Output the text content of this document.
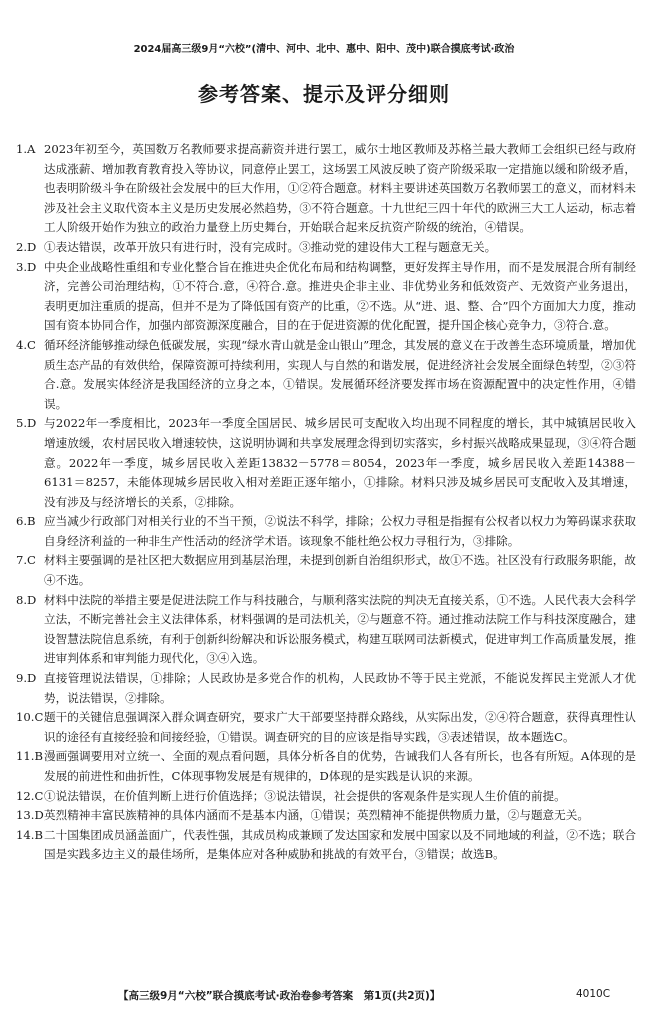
2024届高三级9月“六校”(清中、河中、北中、惠中、阳中、茂中)联合摸底考试·政治
参考答案、提示及评分细则
1.A 2023年初至今，英国数万名教师要求提高薪资并进行罢工，威尔士地区教师及苏格兰最大教师工会组织已经与政府达成涨薪、增加教育教育投入等协议，同意停止罢工，这场罢工风波反映了资产阶级采取一定措施以缓和阶级矛盾，也表明阶级斗争在阶级社会发展中的巨大作用，①②符合题意。材料主要讲述英国数万名教师罢工的意义，而材料未涉及社会主义取代资本主义是历史发展必然趋势，③不符合题意。十九世纪三四十年代的欧洲三大工人运动，标志着工人阶级开始作为独立的政治力量登上历史舞台，开始联合起来反抗资产阶级的统治，④错误。
2.D ①表达错误，改革开放只有进行时，没有完成时。③推动党的建设伟大工程与题意无关。
3.D 中央企业战略性重组和专业化整合旨在推进央企优化布局和结构调整，更好发挥主导作用，而不是发展混合所有制经济，完善公司治理结构，①不符合.意，④符合.意。推进央企非主业、非优势业务和低效资产、无效资产业务退出，表明更加注重质的提高，但并不是为了降低国有资产的比重，②不选。从“进、退、整、合”四个方面加大力度，推动国有资本协同合作，加强内部资源深度融合，目的在于促进资源的优化配置，提升国企核心竞争力，③符合.意。
4.C 循环经济能够推动绿色低碳发展，实现“绿水青山就是金山银山”理念，其发展的意义在于改善生态环境质量，增加优质生态产品的有效供给，保障资源可持续利用，实现人与自然的和谐发展，促进经济社会发展全面绿色转型，②③符合.意。发展实体经济是我国经济的立身之本，①错误。发展循环经济要发挥市场在资源配置中的决定性作用，④错误。
5.D 与2022年一季度相比，2023年一季度全国居民、城乡居民可支配收入均出现不同程度的增长，其中城镇居民收入增速放缓，农村居民收入增速较快，这说明协调和共享发展理念得到切实落实，乡村振兴战略成果显现，③④符合题意。2022年一季度，城乡居民收入差距13832－5778＝8054，2023年一季度，城乡居民收入差距14388－6131＝8257，未能体现城乡居民收入相对差距正逐年缩小，①排除。材料只涉及城乡居民可支配收入及其增速，没有涉及与经济增长的关系，②排除。
6.B 应当减少行政部门对相关行业的不当干预，②说法不科学，排除；公权力寻租是指握有公权者以权力为筹码谋求获取自身经济利益的一种非生产性活动的经济学术语。该现象不能杜绝公权力寻租行为，③排除。
7.C 材料主要强调的是社区把大数据应用到基层治理，未提到创新自治组织形式，故①不选。社区没有行政服务职能，故④不选。
8.D 材料中法院的举措主要是促进法院工作与科技融合，与顺利落实法院的判决无直接关系，①不选。人民代表大会科学立法，不断完善社会主义法律体系，材料强调的是司法机关，②与题意不符。通过推动法院工作与科技深度融合，建设智慧法院信息系统，有利于创新纠纷解决和诉讼服务模式，构建互联网司法新模式，促进审判工作高质量发展，推进审判体系和审判能力现代化，③④入选。
9.D 直接管理说法错误，①排除；人民政协是多党合作的机构，人民政协不等于民主党派，不能说发挥民主党派人才优势，说法错误，②排除。
10.C 题干的关键信息强调深入群众调查研究，要求广大干部要坚持群众路线，从实际出发，②④符合题意，获得真理性认识的途径有直接经验和间接经验，①错误。调查研究的目的应该是指导实践，③表述错误，故本题选C。
11.B 漫画强调要用对立统一、全面的观点看问题，具体分析各自的优势，告诫我们人各有所长，也各有所短。A体现的是发展的前进性和曲折性，C体现事物发展是有规律的，D体现的是实践是认识的来源。
12.C ①说法错误，在价值判断上进行价值选择；③说法错误，社会提供的客观条件是实现人生价值的前提。
13.D 英烈精神丰富民族精神的具体内涵而不是基本内涵，①错误；英烈精神不能提供物质力量，②与题意无关。
14.B 二十国集团成员涵盖面广，代表性强，其成员构成兼顾了发达国家和发展中国家以及不同地域的利益，②不选；联合国是实践多边主义的最佳场所，是集体应对各种威胁和挑战的有效平台，③错误；故选B。
【高三级9月“六校”联合摸底考试·政治卷参考答案　第1页(共2页)】	4010C
